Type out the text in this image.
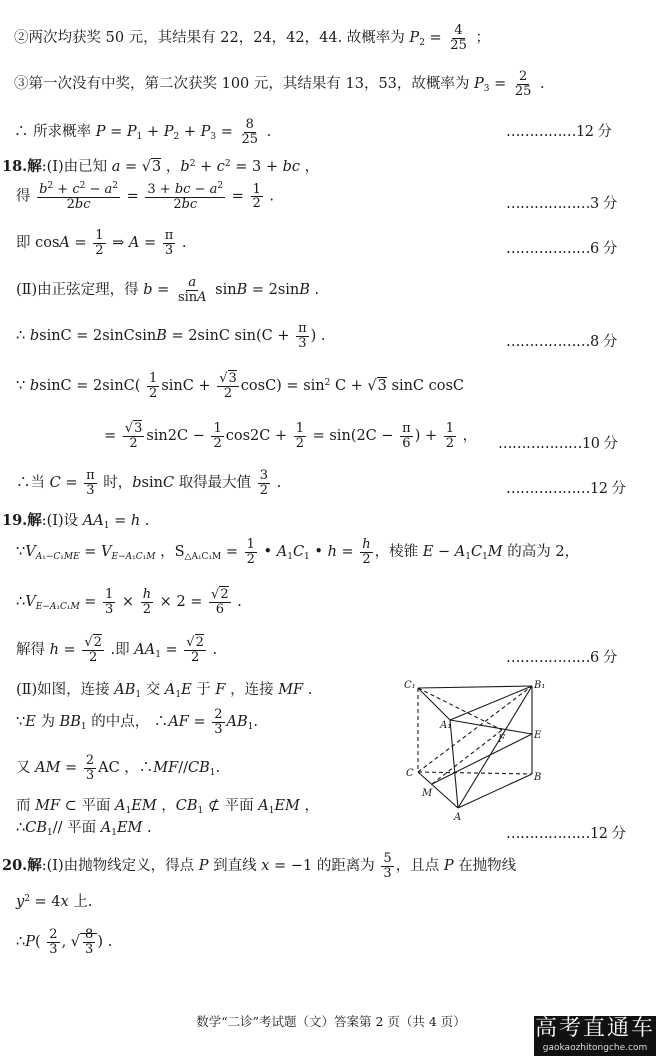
②两次均获奖 50 元，其结果有 22，24，42，44. 故概率为 $P_2 = \frac{4}{25}$ ；
③第一次没有中奖，第二次获奖 100 元，其结果有 13，53，故概率为 $P_3 = \frac{2}{25}$ .
∴ 所求概率 $P = P_1 + P_2 + P_3 = \frac{8}{25}$ .	……………12 分
18.解:(Ⅰ)由已知 a = √3 ，$b^2 + c^2 = 3$ + bc ，
得 $\frac{b^2 + c^2 - a^2}{2bc} = \frac{3 + bc - a^2}{2bc} = \frac{1}{2}$ .	………………3 分
即 $\cos A = \frac{1}{2}$ ⇒ $A = \frac{\pi}{3}$ .	………………6 分
(Ⅱ)由正弦定理，得 $b = \frac{a}{\sin A}$ sinB = 2sinB .
∴ bsinC = 2sinCsinB = 2sinC $\sin(C + \frac{\pi}{3}$ ) .	………………8 分
∵ $bsinC = 2\sin C( \frac{1}{2}$ $\sin C + \frac{√3}{2} \cos C) = \sin^2 C + √3$ sinC cosC
= $\frac{√3}{2} \sin 2C - \frac{1}{2} \cos 2C + \frac{1}{2} = \sin(2C - \frac{\pi}{6}$ ) + $\frac{1}{2}$ ， ………………10 分
∴当 $C = \frac{\pi}{3}$ 时，bsinC 取得最大值 $\frac{3}{2}$ .	………………12 分
19.解:(Ⅰ)设 $AA_1 = h$ .
$\because V_{A_1-C_1ME} = V_{E-A_1C_1M}$ ，$S_{\triangle A_1C_1M} = \frac{1}{2}$ • $A_1C_1$ • $h = \frac{h}{2}$ ，棱锥 $E - A_1C_1M$ 的高为 2，
$\therefore V_{E-A_1C_1M} = \frac{1}{3} \times \frac{h}{2} \times 2 = \frac{√2}{6}$ .
解得 $h = \frac{√2}{2}$ .即 $AA_1 = \frac{√2}{2}$ .	………………6 分
(Ⅱ)如图，连接 $AB_1$ 交 $A_1E$ 于 F ，连接 MF .
∵E 为 $BB_1$ 的中点， ∴AF = $\frac{2}{3} AB_1$.
又 AM = $\frac{2}{3}$ AC ，$\therefore MF//CB_1$.
而 MF ⊂ 平面 $A_1EM$ ，$CB_1$ ⊄ 平面 $A_1EM$ ，
$\therefore CB_1//$ 平面 $A_1EM$ .	………………12 分
C₁	B₁
A₁
F	E
C	B
M
A
20.解:(Ⅰ)由抛物线定义，得点 P 到直线 x = −1 的距离为 $\frac{5}{3}$ ，且点 P 在抛物线
$y^2 = 4x$ 上.
∴P( $\frac{2}{3}$ , √ $\frac{8}{3}$ ) .
数学“二诊”考试题（文）答案第 2 页（共 4 页）	高考直通车
gaokaozhitongche.com
